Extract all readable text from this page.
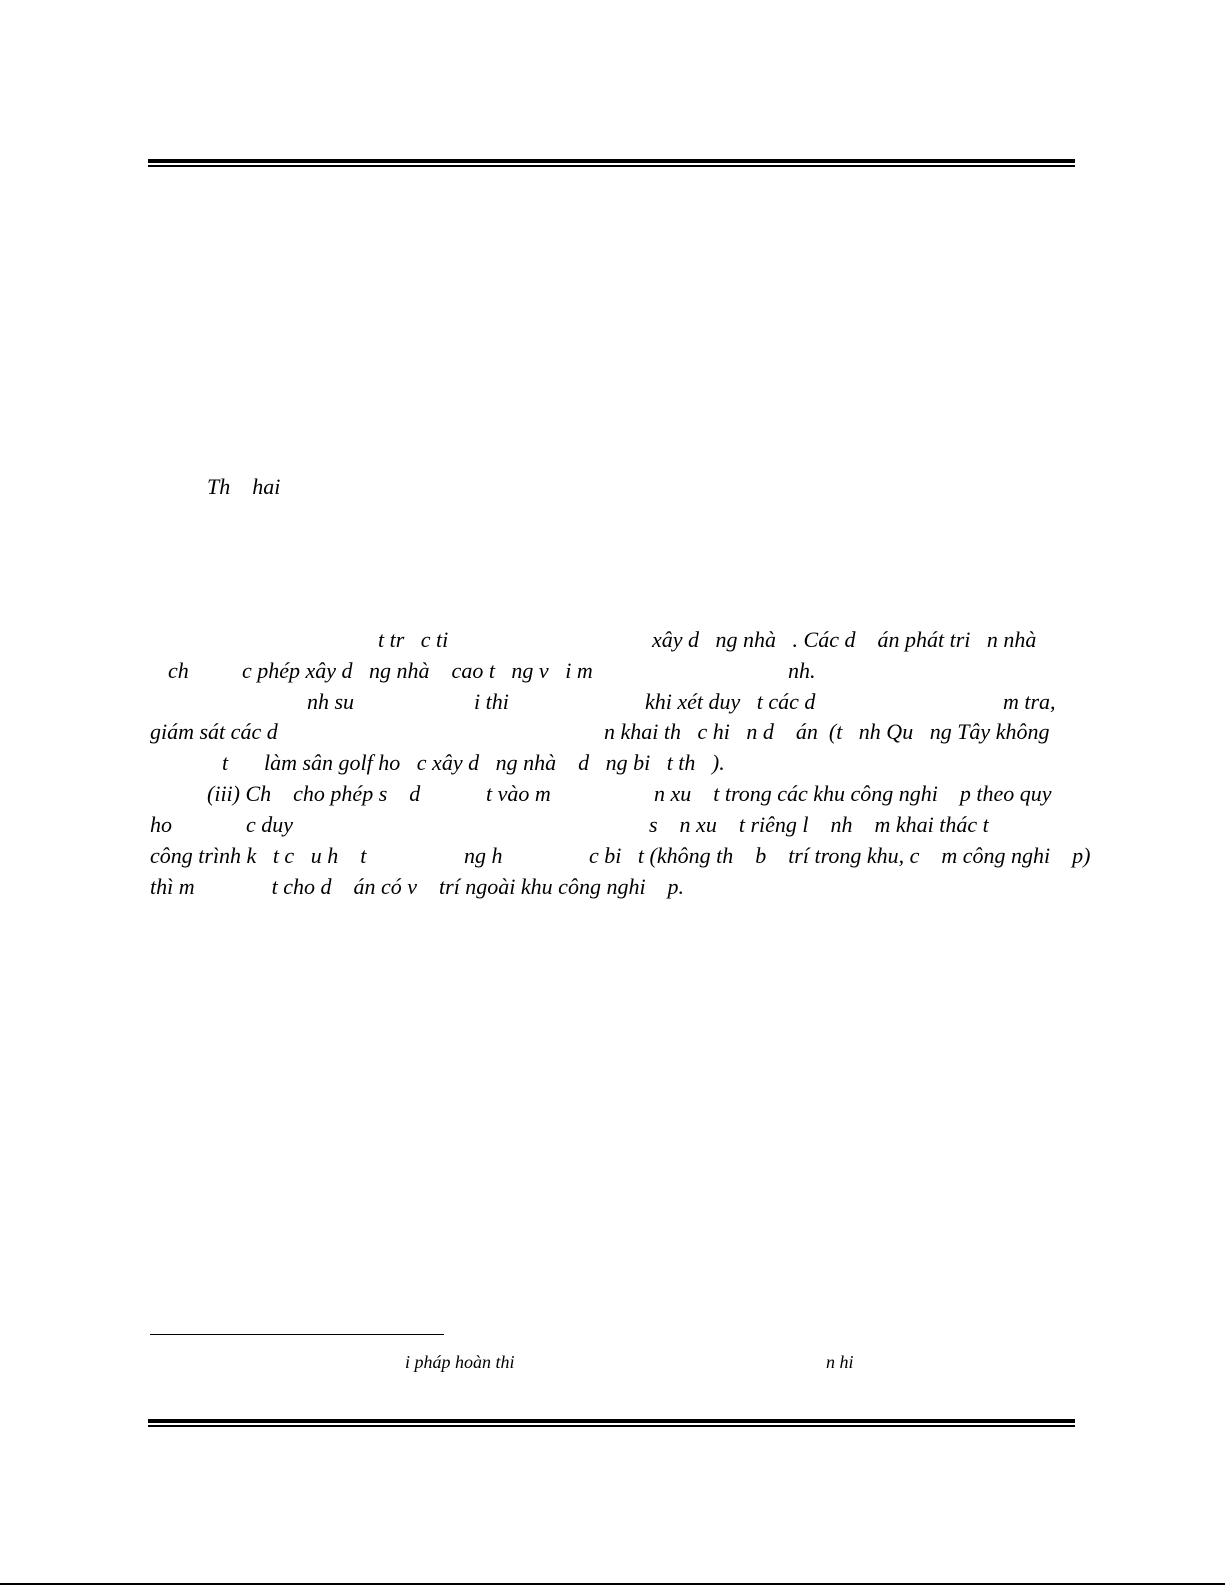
Th    hai
t tr   c ti	xây d   ng nhà   . Các d    án phát tri   n nhà
ch c phép xây d   ng nhà    cao t   ng v   i m	nh.
nh su	i thi	khi xét duy   t các d	m tra,
giám sát các d	n khai th   c hi   n d    án  (t   nh Qu   ng Tây không
t làm sân golf ho   c xây d   ng nhà    d   ng bi   t th   ).
(iii) Ch    cho phép s    d	t vào m	n xu    t trong các khu công nghi    p theo quy
ho	c duy	s    n xu    t riêng l    nh    m khai thác t
công trình k   t c   u h    t	ng h	c bi   t (không th    b    trí trong khu, c    m công nghi    p)
thì m              t cho d    án có v    trí ngoài khu công nghi    p.
i pháp hoàn thi	n hi
